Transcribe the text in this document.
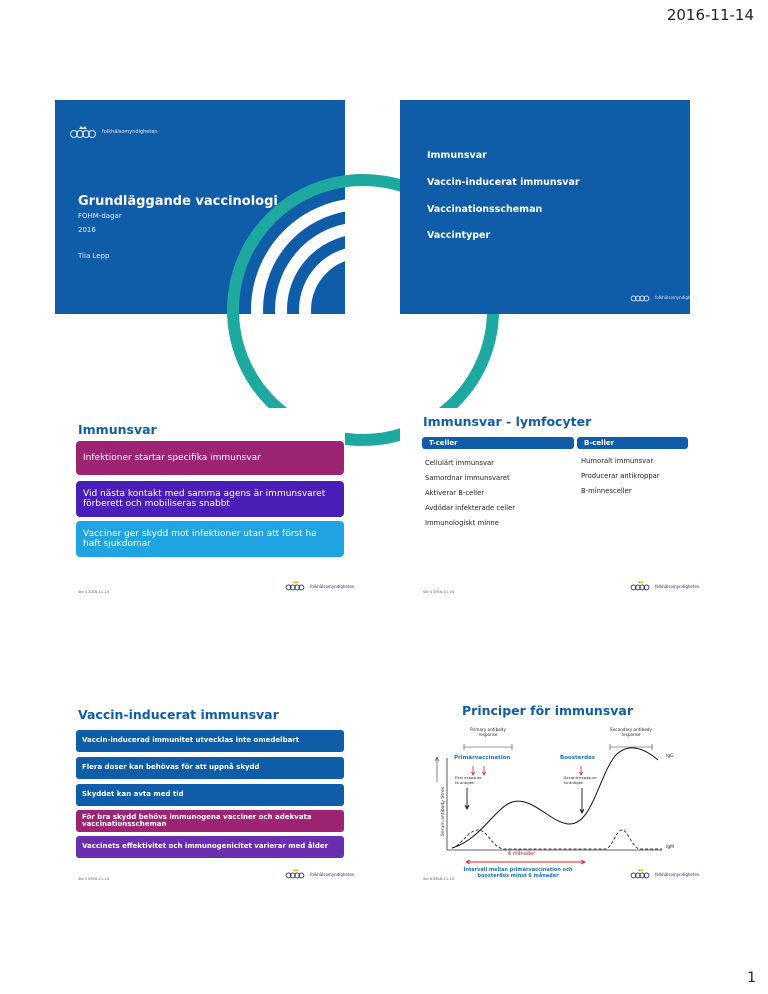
2016-11-14
folkhälsomyndigheten
Grundläggande vaccinologi
FOHM-dagar
2016
Tiia Lepp
Immunsvar
Vaccin-inducerat immunsvar
Vaccinationsscheman
Vaccintyper
folkhälsomyndigheten
Immunsvar
Infektioner startar specifika immunsvar
Vid nästa kontakt med samma agens är immunsvaret förberett och mobiliseras snabbt
Vacciner ger skydd mot infektioner utan att först ha haft sjukdomar
Sid 3 2016-11-14
folkhälsomyndigheten
Immunsvar - lymfocyter
T-celler	B-celler
Cellulärt immunsvar
Samordnar immunsvaret
Aktiverar B-celler
Avdödar infekterade celler
Immunologiskt minne
Humoralt immunsvar
Producerar antikroppar
B-minnesceller
Sid 4 2016-11-14
folkhälsomyndigheten
Vaccin-inducerat immunsvar
Vaccin-inducerad immunitet utvecklas inte omedelbart
Flera doser kan behövas för att uppnå skydd
Skyddet kan avta med tid
För bra skydd behövs immunogena vacciner och adekvata vaccinationsscheman
Vaccinets effektivitet och immunogenicitet varierar med ålder
Sid 5 2016-11-14
folkhälsomyndigheten
Principer för immunsvar
Serum antibody titres
Primary antibody response
Secondary antibody response
Primärvaccination	Boosterdos
First exposure to antigen
Second exposure to antigen
IgG
IgM
6 månader
Intervall mellan primärvaccination och boosterdos minst 6 månader
Sid 6 2016-11-14
folkhälsomyndigheten
1
